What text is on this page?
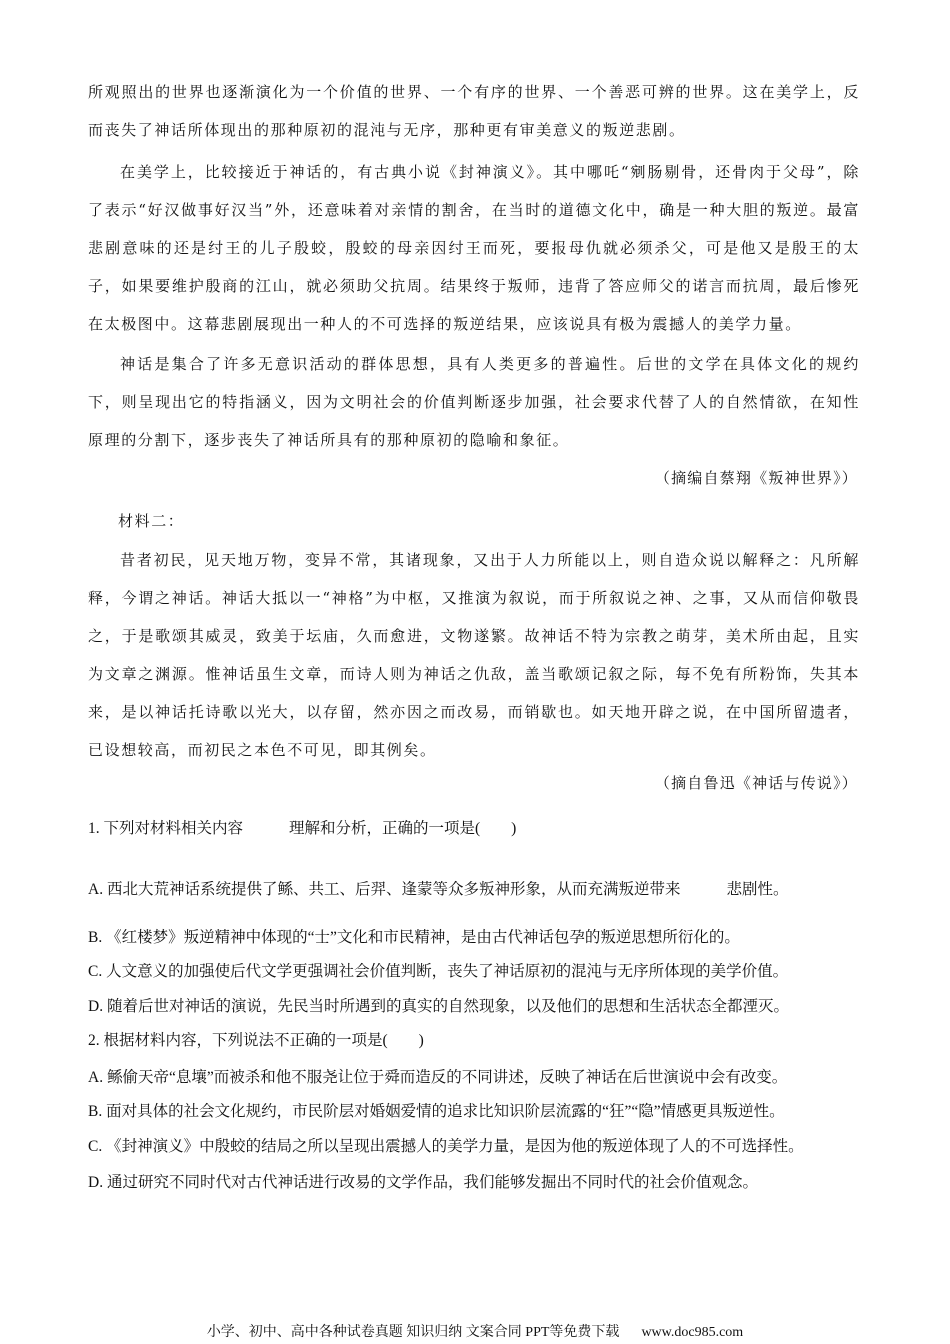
所观照出的世界也逐渐演化为一个价值的世界、一个有序的世界、一个善恶可辨的世界。这在美学上，反而丧失了神话所体现出的那种原初的混沌与无序，那种更有审美意义的叛逆悲剧。

在美学上，比较接近于神话的，有古典小说《封神演义》。其中哪吒“剜肠剔骨，还骨肉于父母”，除了表示“好汉做事好汉当”外，还意味着对亲情的割舍，在当时的道德文化中，确是一种大胆的叛逆。最富悲剧意味的还是纣王的儿子殷蛟，殷蛟的母亲因纣王而死，要报母仇就必须杀父，可是他又是殷王的太子，如果要维护殷商的江山，就必须助父抗周。结果终于叛师，违背了答应师父的诺言而抗周，最后惨死在太极图中。这幕悲剧展现出一种人的不可选择的叛逆结果，应该说具有极为震撼人的美学力量。

神话是集合了许多无意识活动的群体思想，具有人类更多的普遍性。后世的文学在具体文化的规约下，则呈现出它的特指涵义，因为文明社会的价值判断逐步加强，社会要求代替了人的自然情欲，在知性原理的分割下，逐步丧失了神话所具有的那种原初的隐喻和象征。

（摘编自蔡翔《叛神世界》）

材料二：

昔者初民，见天地万物，变异不常，其诸现象，又出于人力所能以上，则自造众说以解释之：凡所解释，今谓之神话。神话大抵以一“神格”为中枢，又推演为叙说，而于所叙说之神、之事，又从而信仰敬畏之，于是歌颂其威灵，致美于坛庙，久而愈进，文物遂繁。故神话不特为宗教之萌芽，美术所由起，且实为文章之渊源。惟神话虽生文章，而诗人则为神话之仇敌，盖当歌颂记叙之际，每不免有所粉饰，失其本来，是以神话托诗歌以光大，以存留，然亦因之而改易，而销歇也。如天地开辟之说，在中国所留遗者，已设想较高，而初民之本色不可见，即其例矣。

（摘自鲁迅《神话与传说》）

1. 下列对材料相关内容	理解和分析，正确的一项是(　　)

A. 西北大荒神话系统提供了鲧、共工、后羿、逢蒙等众多叛神形象，从而充满叛逆带来	悲剧性。

B. 《红楼梦》叛逆精神中体现的“士”文化和市民精神，是由古代神话包孕的叛逆思想所衍化的。

C. 人文意义的加强使后代文学更强调社会价值判断，丧失了神话原初的混沌与无序所体现的美学价值。

D. 随着后世对神话的演说，先民当时所遇到的真实的自然现象，以及他们的思想和生活状态全都湮灭。

2. 根据材料内容，下列说法不正确的一项是(　　)

A. 鲧偷天帝“息壤”而被杀和他不服尧让位于舜而造反的不同讲述，反映了神话在后世演说中会有改变。

B. 面对具体的社会文化规约，市民阶层对婚姻爱情的追求比知识阶层流露的“狂”“隐”情感更具叛逆性。

C. 《封神演义》中殷蛟的结局之所以呈现出震撼人的美学力量，是因为他的叛逆体现了人的不可选择性。

D. 通过研究不同时代对古代神话进行改易的文学作品，我们能够发掘出不同时代的社会价值观念。

小学、初中、高中各种试卷真题 知识归纳 文案合同 PPT等免费下载 www.doc985.com
